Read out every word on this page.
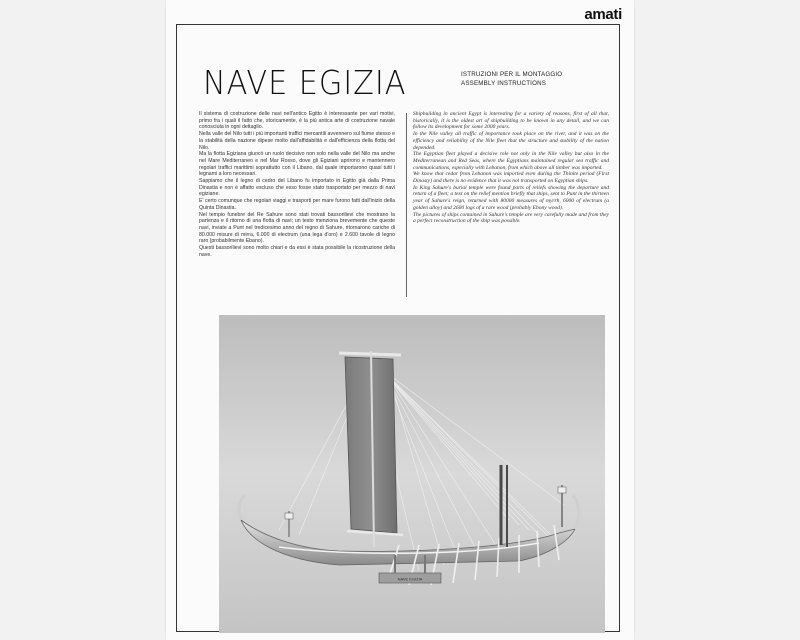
amati
NAVE EGIZIA	ISTRUZIONI PER IL MONTAGGIO
ASSEMBLY INSTRUCTIONS

Il sistema di costruzione delle navi nell'antico Egitto è interessante per vari motivi, primo fra i quali il fatto che, storicamente, è la più antica arte di costruzione navale conosciuta in ogni dettaglio.

Nella valle del Nilo tutti i più importanti traffici mercantili avvennero sul fiume stesso e la stabilità della nazione dipese molto dall'affidabilità e dall'efficienza della flotta del Nilo.

Ma la flotta Egiziana giuocò un ruolo decisivo non solo nella valle del Nilo ma anche nel Mare Mediterraneo e nel Mar Rosso, dove gli Egiziani aprirono e mantennero regolari traffici marittimi soprattutto con il Libano, dal quale importarono quasi tutti i legnami a loro necessari.

Sappiamo che il legno di cedro del Libano fu importato in Egitto già dalla Prima Dinastia e non è affatto escluso che esso fosse stato trasportato per mezzo di navi egiziane.

E' certo comunque che regolari viaggi e trasporti per mare furono fatti dall'inizio della Quinta Dinastia.

Nel tempio funebre del Re Sahure sono stati trovati bassorilievi che mostrano la partenza e il ritorno di una flotta di navi; un testo menziona brevemente che queste navi, inviate a Punt nel tredicesimo anno del regno di Sahure, ritornarono cariche di 80.000 misure di mirra, 6.000 di electrum (una lega d'oro) e 2.600 tavole di legno raro (probabilmente Ebano).

Questi bassorilievi sono molto chiari e da essi è stata possibile la ricostruzione della nave.

Shipbuilding in ancient Egypt is interesting for a variety of reasons, first of all that, historically, it is the oldest art of shipbuilding to be known in any detail, and we can follow its development for some 2000 years.

In the Nile valley all traffic of importance took place on the river, and it was on the efficiency and reliability of the Nile fleet that the structure and stability of the nation depended.

The Egyptian fleet played a decisive role not only in the Nile valley but also in the Mediterranean and Red Seas, where the Egyptians maintained regular sea traffic and communications, especially with Lebanon, from which above all timber was imported.

We know that cedar from Lebanon was imported even during the Thinite period (First Dinasty) and there is no evidence that it was not transported on Egyptian ships.

In King Sahure's burial temple were found parts of reliefs showing the departure and return of a fleet; a text on the relief mention briefly that ships, sent to Punt in the thirteen year of Sahure's reign, returned with 80000 measures of myrrh, 6000 of electrum (a golden alloy) and 2600 logs of a rare wood (probably Ebony wood).

The pictures of ships contained in Sahure's temple are very carefully made and from they a perfect reconstruction of the ship was possible.

NAVE EGIZIA
